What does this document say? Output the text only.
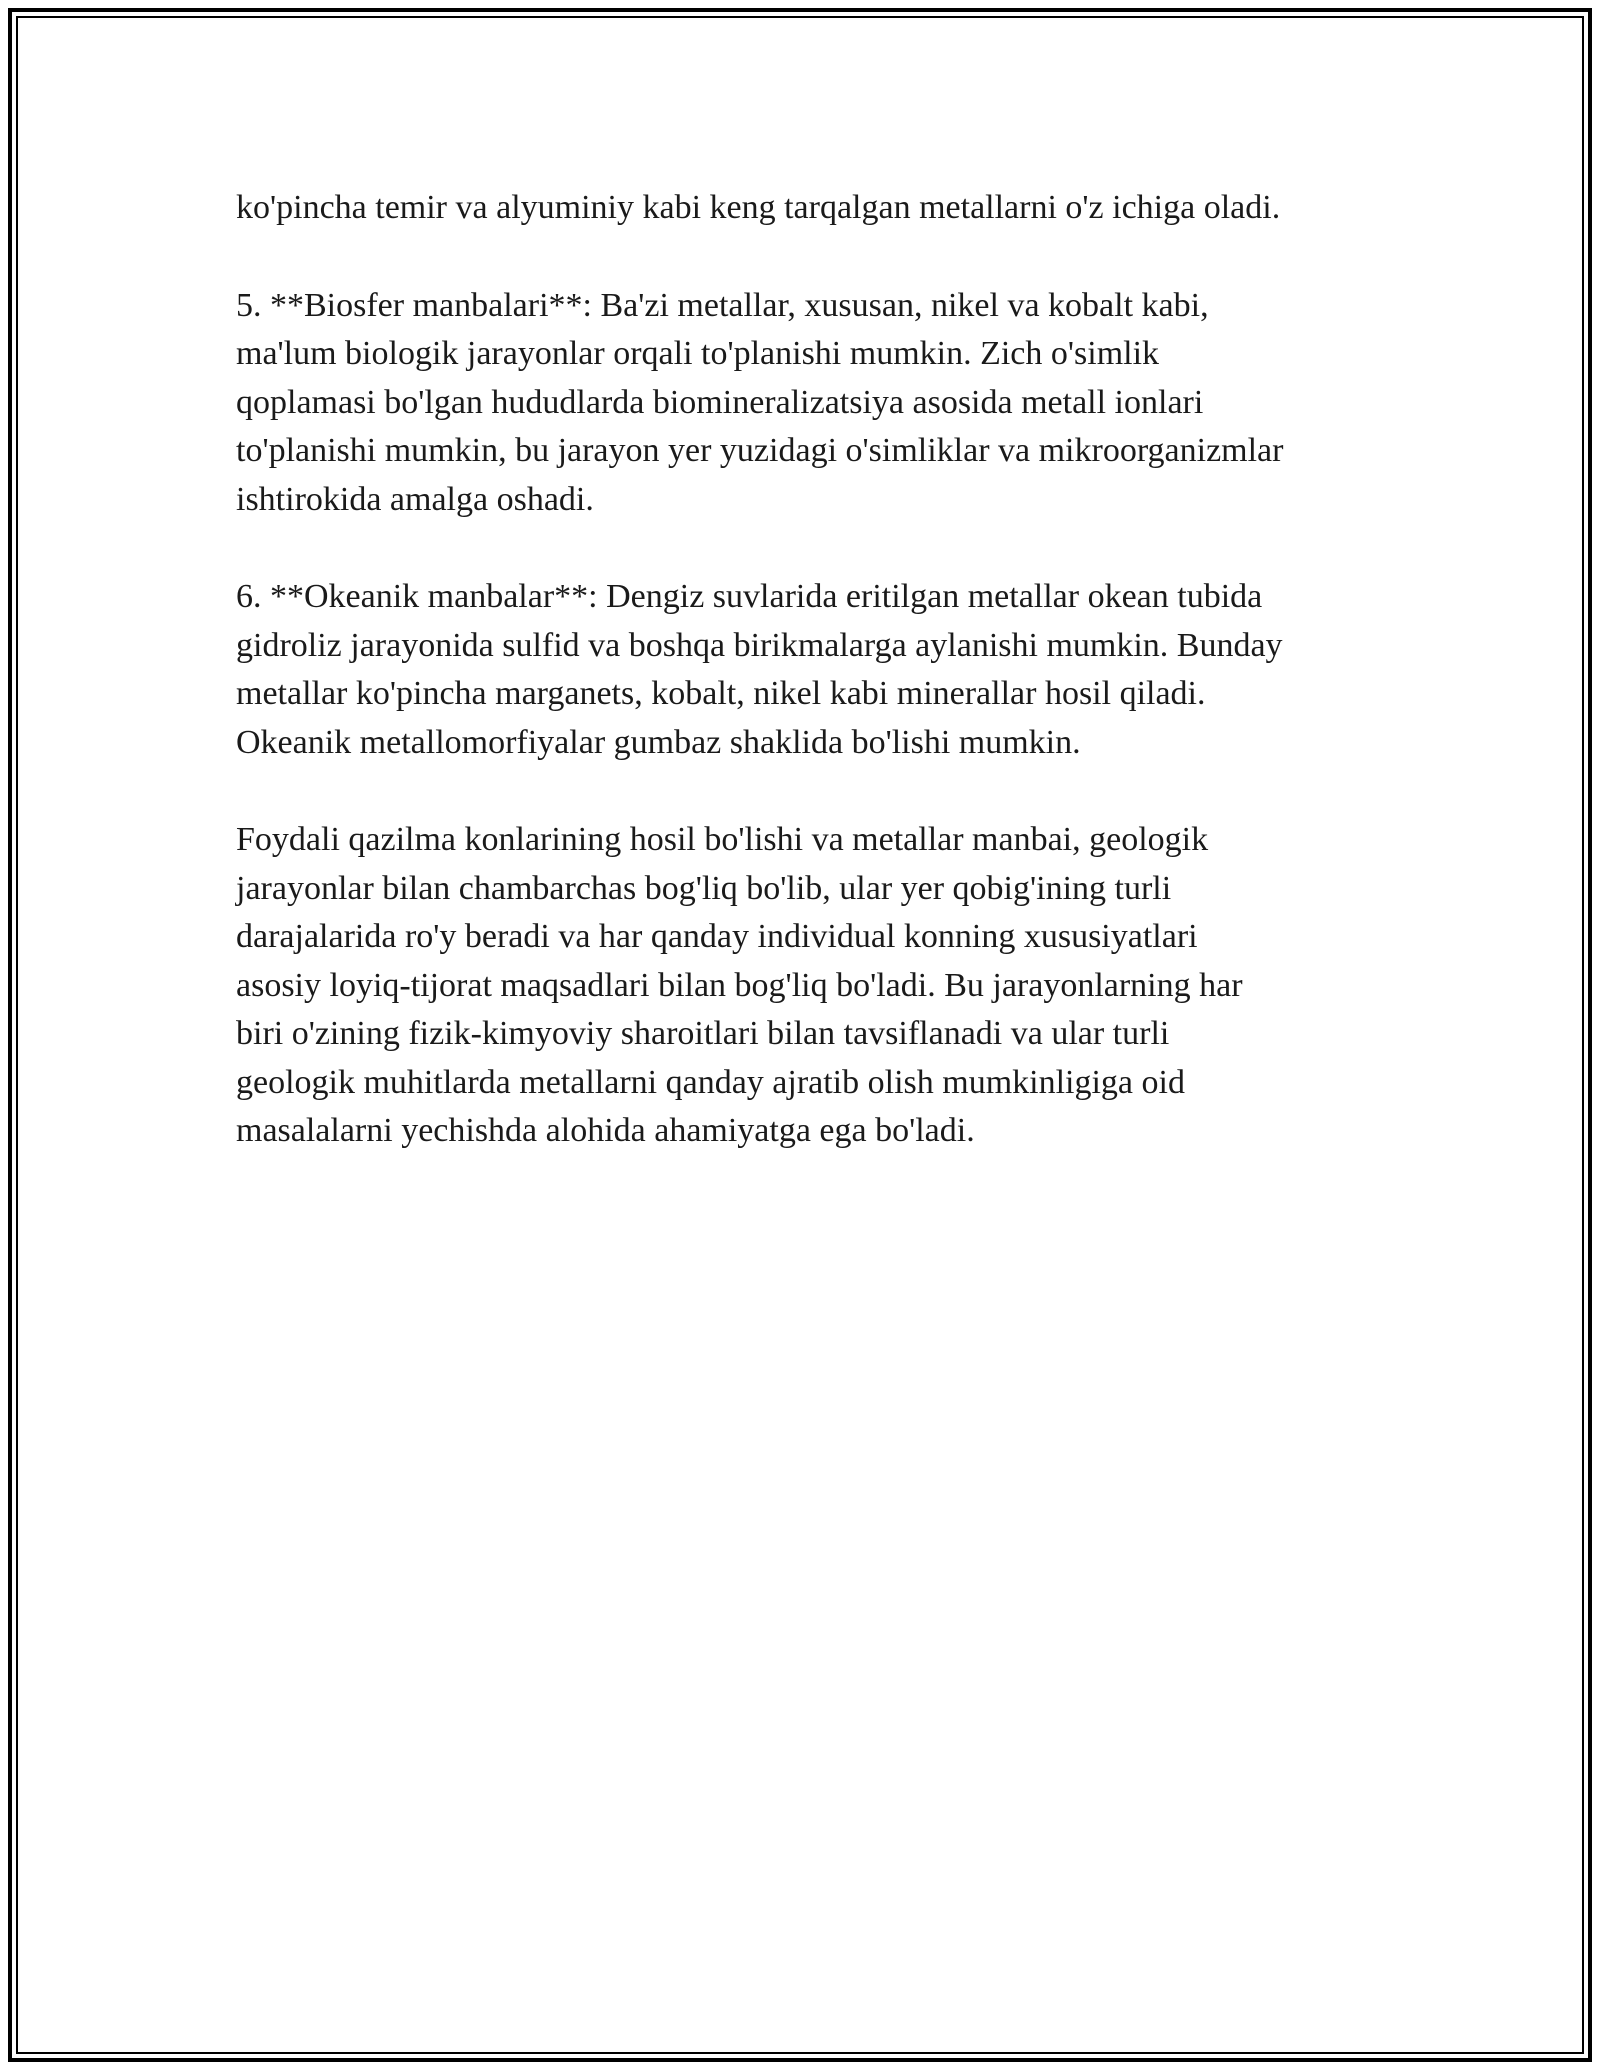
ko'pincha temir va alyuminiy kabi keng tarqalgan metallarni o'z ichiga oladi.

5. **Biosfer manbalari**: Ba'zi metallar, xususan, nikel va kobalt kabi,
ma'lum biologik jarayonlar orqali to'planishi mumkin. Zich o'simlik
qoplamasi bo'lgan hududlarda biomineralizatsiya asosida metall ionlari
to'planishi mumkin, bu jarayon yer yuzidagi o'simliklar va mikroorganizmlar
ishtirokida amalga oshadi.

6. **Okeanik manbalar**: Dengiz suvlarida eritilgan metallar okean tubida
gidroliz jarayonida sulfid va boshqa birikmalarga aylanishi mumkin. Bunday
metallar ko'pincha marganets, kobalt, nikel kabi minerallar hosil qiladi.
Okeanik metallomorfiyalar gumbaz shaklida bo'lishi mumkin.

Foydali qazilma konlarining hosil bo'lishi va metallar manbai, geologik
jarayonlar bilan chambarchas bog'liq bo'lib, ular yer qobig'ining turli
darajalarida ro'y beradi va har qanday individual konning xususiyatlari
asosiy loyiq-tijorat maqsadlari bilan bog'liq bo'ladi. Bu jarayonlarning har
biri o'zining fizik-kimyoviy sharoitlari bilan tavsiflanadi va ular turli
geologik muhitlarda metallarni qanday ajratib olish mumkinligiga oid
masalalarni yechishda alohida ahamiyatga ega bo'ladi.
